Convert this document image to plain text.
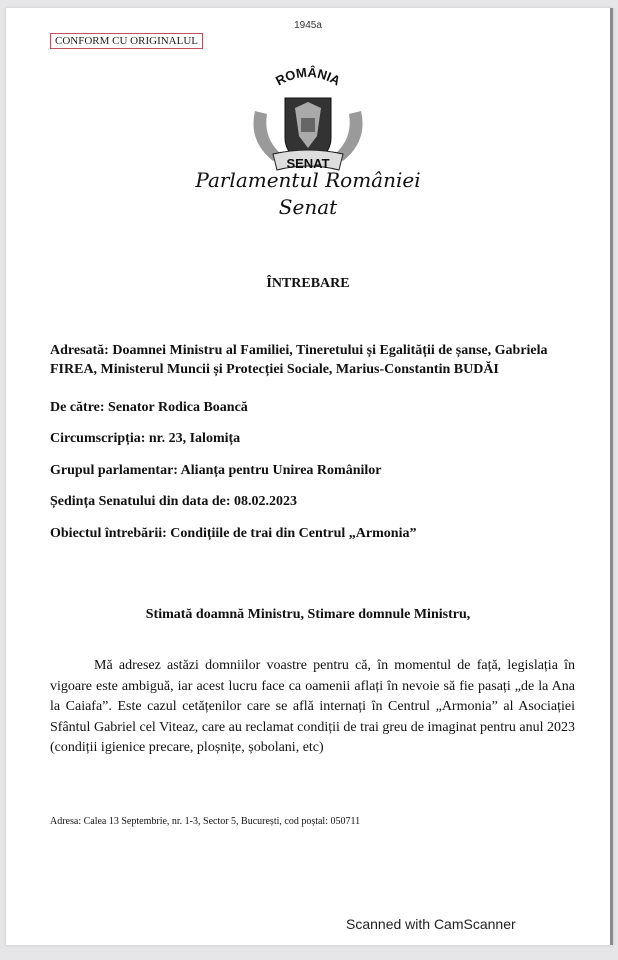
1945a
CONFORM CU ORIGINALUL
ROMÂNIA
SENAT
Parlamentul României
Senat
ÎNTREBARE
Adresată: Doamnei Ministru al Familiei, Tineretului și Egalității de șanse, Gabriela FIREA, Ministerul Muncii și Protecției Sociale, Marius-Constantin BUDĂI
De către: Senator Rodica Boancă
Circumscripția: nr. 23, Ialomița
Grupul parlamentar: Alianța pentru Unirea Românilor
Ședința Senatului din data de: 08.02.2023
Obiectul întrebării: Condițiile de trai din Centrul „Armonia”
Stimată doamnă Ministru, Stimare domnule Ministru,
Mă adresez astăzi domniilor voastre pentru că, în momentul de față, legislația în vigoare este ambiguă, iar acest lucru face ca oamenii aflați în nevoie să fie pasați „de la Ana la Caiafa”. Este cazul cetățenilor care se află internați în Centrul „Armonia” al Asociației Sfântul Gabriel cel Viteaz, care au reclamat condiții de trai greu de imaginat pentru anul 2023 (condiții igienice precare, ploșnițe, șobolani, etc)
Adresa: Calea 13 Septembrie, nr. 1-3, Sector 5, București, cod poștal: 050711
Scanned with CamScanner
